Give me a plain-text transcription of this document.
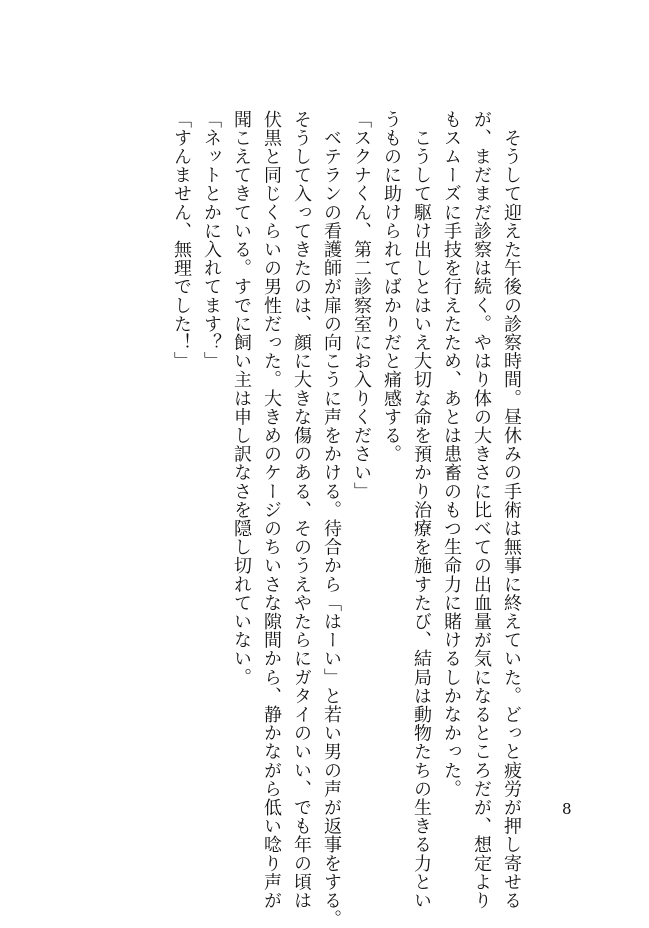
　そうして迎えた午後の診察時間。昼休みの手術は無事に終えていた。どっと疲労が押し寄せる
が、まだまだ診察は続く。やはり体の大きさに比べての出血量が気になるところだが、想定より
もスムーズに手技を行えたため、あとは患畜のもつ生命力に賭けるしかなかった。
　こうして駆け出しとはいえ大切な命を預かり治療を施すたび、結局は動物たちの生きる力とい
うものに助けられてばかりだと痛感する。
「スクナくん、第二診察室にお入りください」
　ベテランの看護師が扉の向こうに声をかける。待合から「はーい」と若い男の声が返事をする。
そうして入ってきたのは、顔に大きな傷のある、そのうえやたらにガタイのいい、でも年の頃は
伏黒と同じくらいの男性だった。大きめのケージのちいさな隙間から、静かながら低い唸り声が
聞こえてきている。すでに飼い主は申し訳なさを隠し切れていない。
「ネットとかに入れてます？」
「すんません、無理でした！」
8
